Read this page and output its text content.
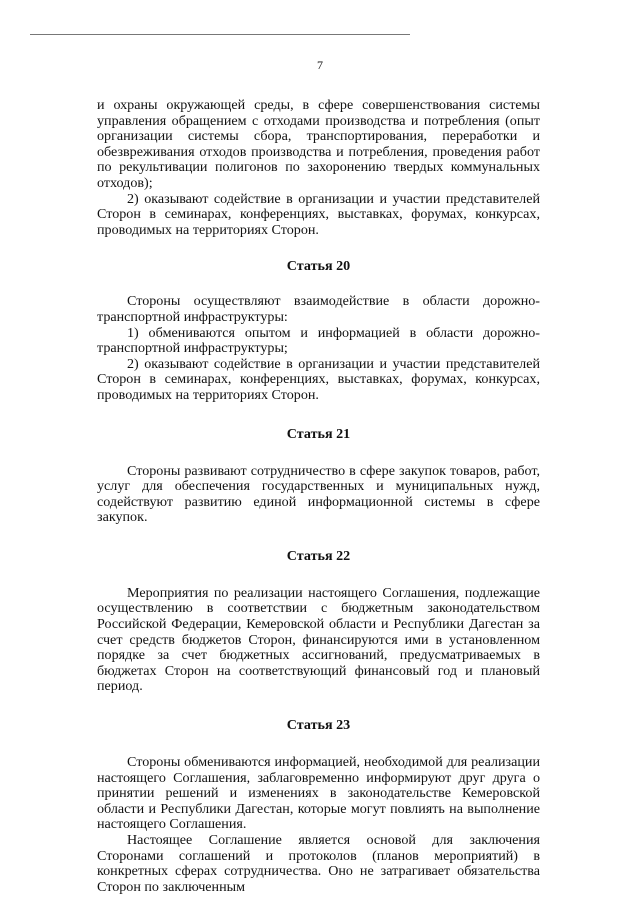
7

и охраны окружающей среды, в сфере совершенствования системы управления обращением с отходами производства и потребления (опыт организации системы сбора, транспортирования, переработки и обезвреживания отходов производства и потребления, проведения работ по рекультивации полигонов по захоронению твердых коммунальных отходов);

2) оказывают содействие в организации и участии представителей Сторон в семинарах, конференциях, выставках, форумах, конкурсах, проводимых на территориях Сторон.

Статья 20

Стороны осуществляют взаимодействие в области дорожно-транспортной инфраструктуры:

1) обмениваются опытом и информацией в области дорожно-транспортной инфраструктуры;

2) оказывают содействие в организации и участии представителей Сторон в семинарах, конференциях, выставках, форумах, конкурсах, проводимых на территориях Сторон.

Статья 21

Стороны развивают сотрудничество в сфере закупок товаров, работ, услуг для обеспечения государственных и муниципальных нужд, содействуют развитию единой информационной системы в сфере закупок.

Статья 22

Мероприятия по реализации настоящего Соглашения, подлежащие осуществлению в соответствии с бюджетным законодательством Российской Федерации, Кемеровской области и Республики Дагестан за счет средств бюджетов Сторон, финансируются ими в установленном порядке за счет бюджетных ассигнований, предусматриваемых в бюджетах Сторон на соответствующий финансовый год и плановый период.

Статья 23

Стороны обмениваются информацией, необходимой для реализации настоящего Соглашения, заблаговременно информируют друг друга о принятии решений и изменениях в законодательстве Кемеровской области и Республики Дагестан, которые могут повлиять на выполнение настоящего Соглашения.

Настоящее Соглашение является основой для заключения Сторонами соглашений и протоколов (планов мероприятий) в конкретных сферах сотрудничества. Оно не затрагивает обязательства Сторон по заключенным
